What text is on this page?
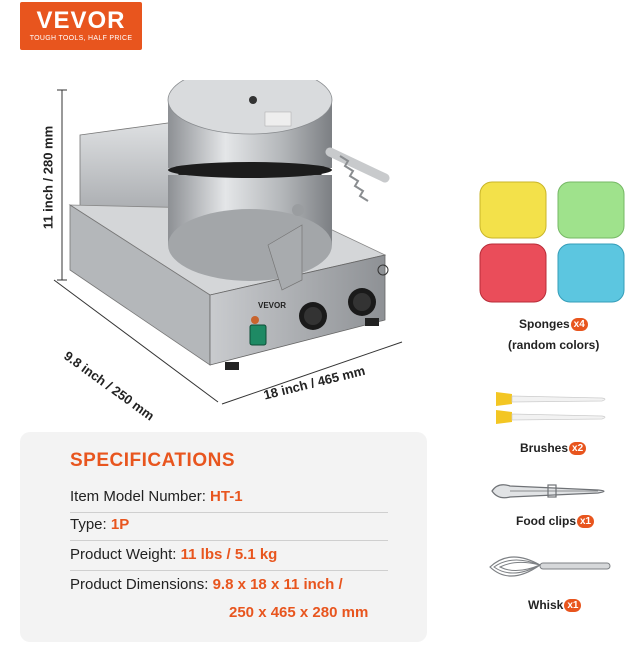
VEVOR
TOUGH TOOLS, HALF PRICE
VEVOR
11 inch / 280 mm
9.8 inch / 250 mm	18 inch / 465 mm
Sponges x4
(random colors)
Brushes x2
Food clips x1
Whisk x1
SPECIFICATIONS
Item Model Number: HT-1
Type: 1P
Product Weight: 11 lbs / 5.1 kg
Product Dimensions: 9.8 x 18 x 11 inch /
250 x 465 x 280 mm
